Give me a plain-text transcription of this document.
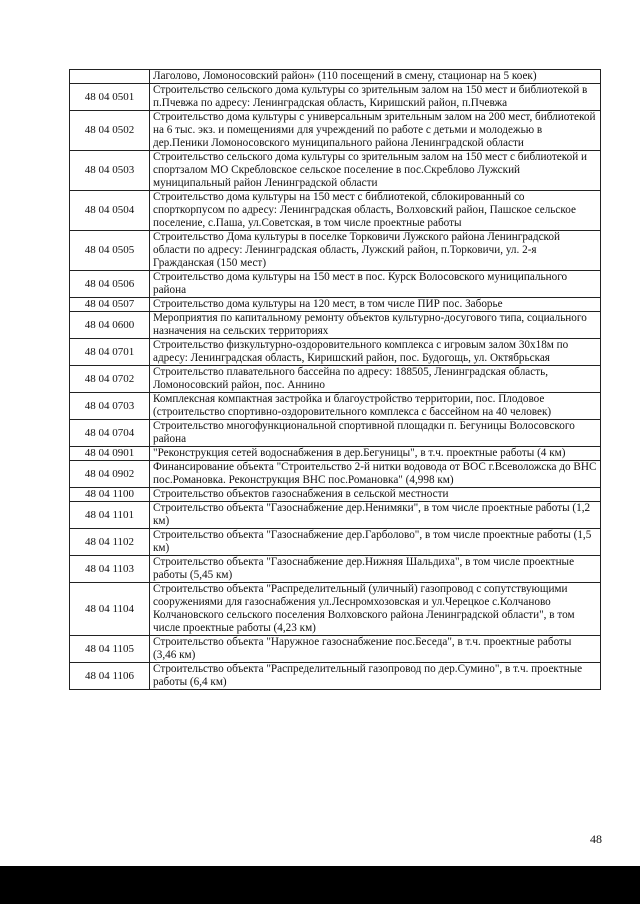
	Лаголово, Ломоносовский район» (110 посещений в смену, стационар на 5 коек)
48 04 0501	Строительство сельского дома культуры со зрительным залом на 150 мест и библиотекой в п.Пчевжа по адресу: Ленинградская область, Киришский район, п.Пчевжа
48 04 0502	Строительство дома культуры с универсальным зрительным залом на 200 мест, библиотекой на 6 тыс. экз. и помещениями для учреждений по работе с детьми и молодежью в дер.Пеники Ломоносовского муниципального района Ленинградской области
48 04 0503	Строительство сельского дома культуры со зрительным залом на 150 мест с библиотекой и спортзалом МО Скребловское сельское поселение в пос.Скреблово Лужский муниципальный район Ленинградской области
48 04 0504	Строительство дома культуры на 150 мест с библиотекой, сблокированный со спорткорпусом по адресу: Ленинградская область, Волховский район, Пашское сельское поселение, с.Паша, ул.Советская, в том числе проектные работы
48 04 0505	Строительство Дома культуры в поселке Торковичи Лужского района Ленинградской области по адресу: Ленинградская область, Лужский район, п.Торковичи, ул. 2-я Гражданская (150 мест)
48 04 0506	Строительство дома культуры на 150 мест в пос. Курск Волосовского муниципального района
48 04 0507	Строительство дома культуры на 120 мест, в том числе ПИР пос. Заборье
48 04 0600	Мероприятия по капитальному ремонту объектов культурно-досугового типа, социального назначения на сельских территориях
48 04 0701	Строительство физкультурно-оздоровительного комплекса с игровым залом 30х18м по адресу: Ленинградская область, Киришский район, пос. Будогощь, ул. Октябрьская
48 04 0702	Строительство плавательного бассейна по адресу: 188505, Ленинградская область, Ломоносовский район, пос. Аннино
48 04 0703	Комплексная компактная застройка и благоустройство территории, пос. Плодовое (строительство спортивно-оздоровительного комплекса с бассейном на 40 человек)
48 04 0704	Строительство многофункциональной спортивной площадки п. Бегуницы Волосовского района
48 04 0901	"Реконструкция сетей водоснабжения в дер.Бегуницы", в т.ч. проектные работы (4 км)
48 04 0902	Финансирование объекта "Строительство 2-й нитки водовода от ВОС г.Всеволожска до ВНС пос.Романовка. Реконструкция ВНС пос.Романовка" (4,998 км)
48 04 1100	Строительство объектов газоснабжения в сельской местности
48 04 1101	Строительство объекта "Газоснабжение дер.Ненимяки", в том числе проектные работы (1,2 км)
48 04 1102	Строительство объекта "Газоснабжение дер.Гарболово", в том числе проектные работы (1,5 км)
48 04 1103	Строительство объекта "Газоснабжение дер.Нижняя Шальдиха", в том числе проектные работы (5,45 км)
48 04 1104	Строительство объекта "Распределительный (уличный) газопровод с сопутствующими сооружениями для газоснабжения ул.Леснромхозовская и ул.Черецкое с.Колчаново Колчановского сельского поселения Волховского района Ленинградской области", в том числе проектные работы (4,23 км)
48 04 1105	Строительство объекта "Наружное газоснабжение пос.Беседа", в т.ч. проектные работы (3,46 км)
48 04 1106	Строительство объекта "Распределительный газопровод по дер.Сумино", в т.ч. проектные работы (6,4 км)
48
